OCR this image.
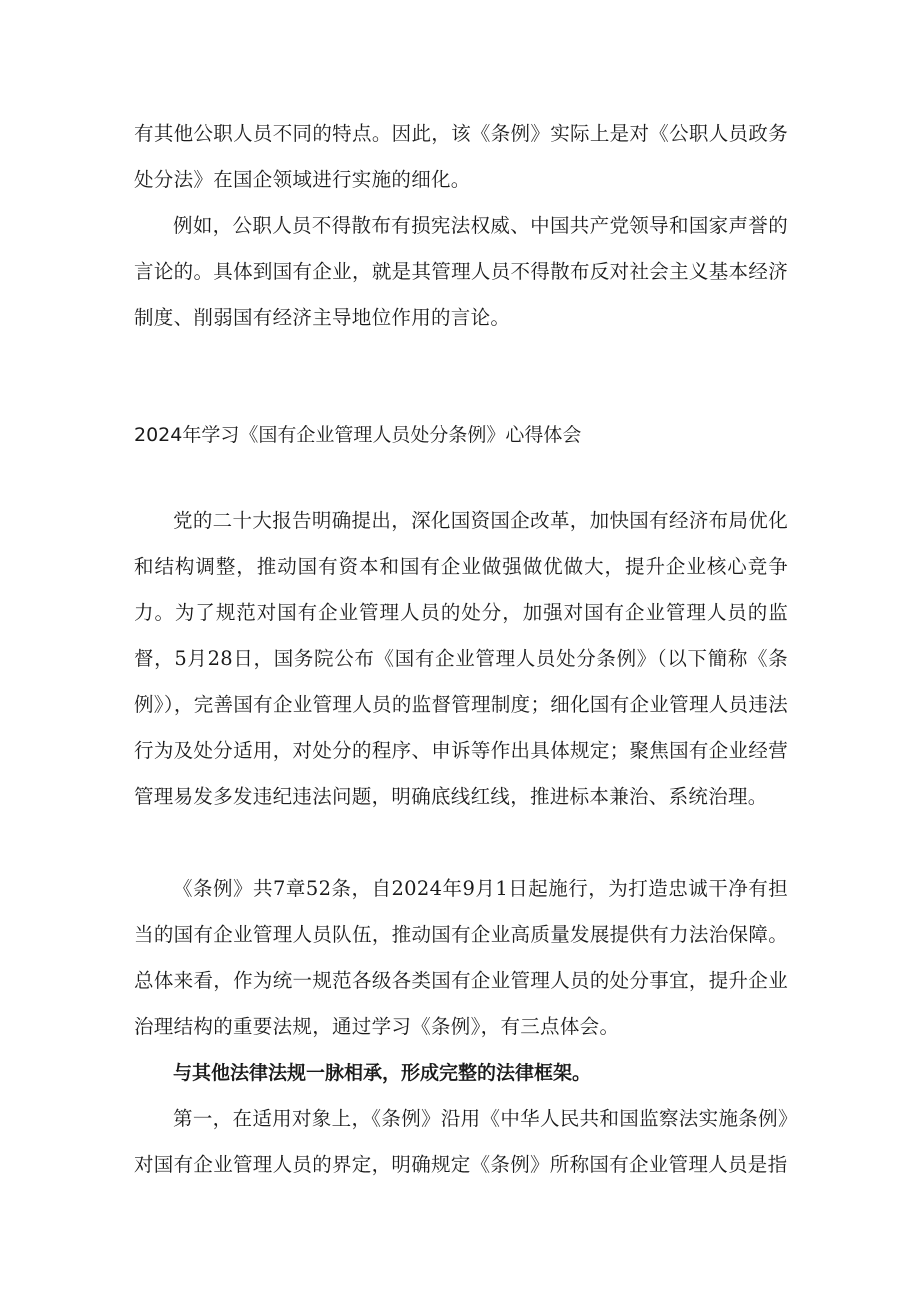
有其他公职人员不同的特点。因此，该《条例》实际上是对《公职人员政务处分法》在国企领域进行实施的细化。

例如，公职人员不得散布有损宪法权威、中国共产党领导和国家声誉的言论的。具体到国有企业，就是其管理人员不得散布反对社会主义基本经济制度、削弱国有经济主导地位作用的言论。

2024年学习《国有企业管理人员处分条例》心得体会

党的二十大报告明确提出，深化国资国企改革，加快国有经济布局优化和结构调整，推动国有资本和国有企业做强做优做大，提升企业核心竞争力。为了规范对国有企业管理人员的处分，加强对国有企业管理人员的监督，5月28日，国务院公布《国有企业管理人员处分条例》（以下簡称《条例》），完善国有企业管理人员的监督管理制度；细化国有企业管理人员违法行为及处分适用，对处分的程序、申诉等作出具体规定；聚焦国有企业经营管理易发多发违纪违法问题，明确底线红线，推进标本兼治、系统治理。

《条例》共7章52条，自2024年9月1日起施行，为打造忠诚干净有担当的国有企业管理人员队伍，推动国有企业高质量发展提供有力法治保障。总体来看，作为统一规范各级各类国有企业管理人员的处分事宜，提升企业治理结构的重要法规，通过学习《条例》，有三点体会。

与其他法律法规一脉相承，形成完整的法律框架。

第一，在适用对象上，《条例》沿用《中华人民共和国监察法实施条例》对国有企业管理人员的界定，明确规定《条例》所称国有企业管理人员是指
